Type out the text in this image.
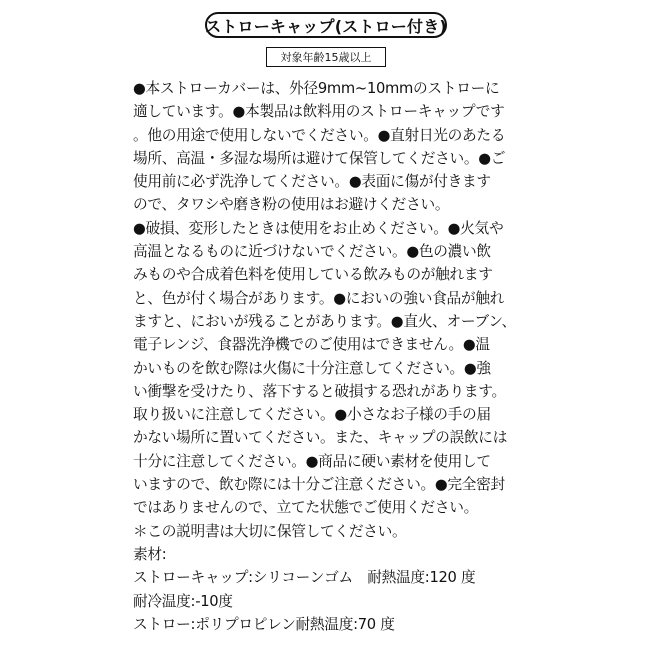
ストローキャップ(ストロー付き)
対象年齢15歳以上
●本ストローカバーは、外径9mm~10mmのストローに
適しています。●本製品は飲料用のストローキャップです
。他の用途で使用しないでください。●直射日光のあたる
場所、高温・多湿な場所は避けて保管してください。●ご
使用前に必ず洗浄してください。●表面に傷が付きます
ので、タワシや磨き粉の使用はお避けください。
●破損、変形したときは使用をお止めください。●火気や
高温となるものに近づけないでください。●色の濃い飲
みものや合成着色料を使用している飲みものが触れます
と、色が付く場合があります。●においの強い食品が触れ
ますと、においが残ることがあります。●直火、オーブン、
電子レンジ、食器洗浄機でのご使用はできません。●温
かいものを飲む際は火傷に十分注意してください。●強
い衝撃を受けたり、落下すると破損する恐れがあります。
取り扱いに注意してください。●小さなお子様の手の届
かない場所に置いてください。また、キャップの誤飲には
十分に注意してください。●商品に硬い素材を使用して
いますので、飲む際には十分ご注意ください。●完全密封
ではありませんので、立てた状態でご使用ください。
＊この説明書は大切に保管してください。
素材:
ストローキャップ:シリコーンゴム　耐熱温度:120 度
耐冷温度:-10度
ストロー:ポリプロピレン耐熱温度:70 度
